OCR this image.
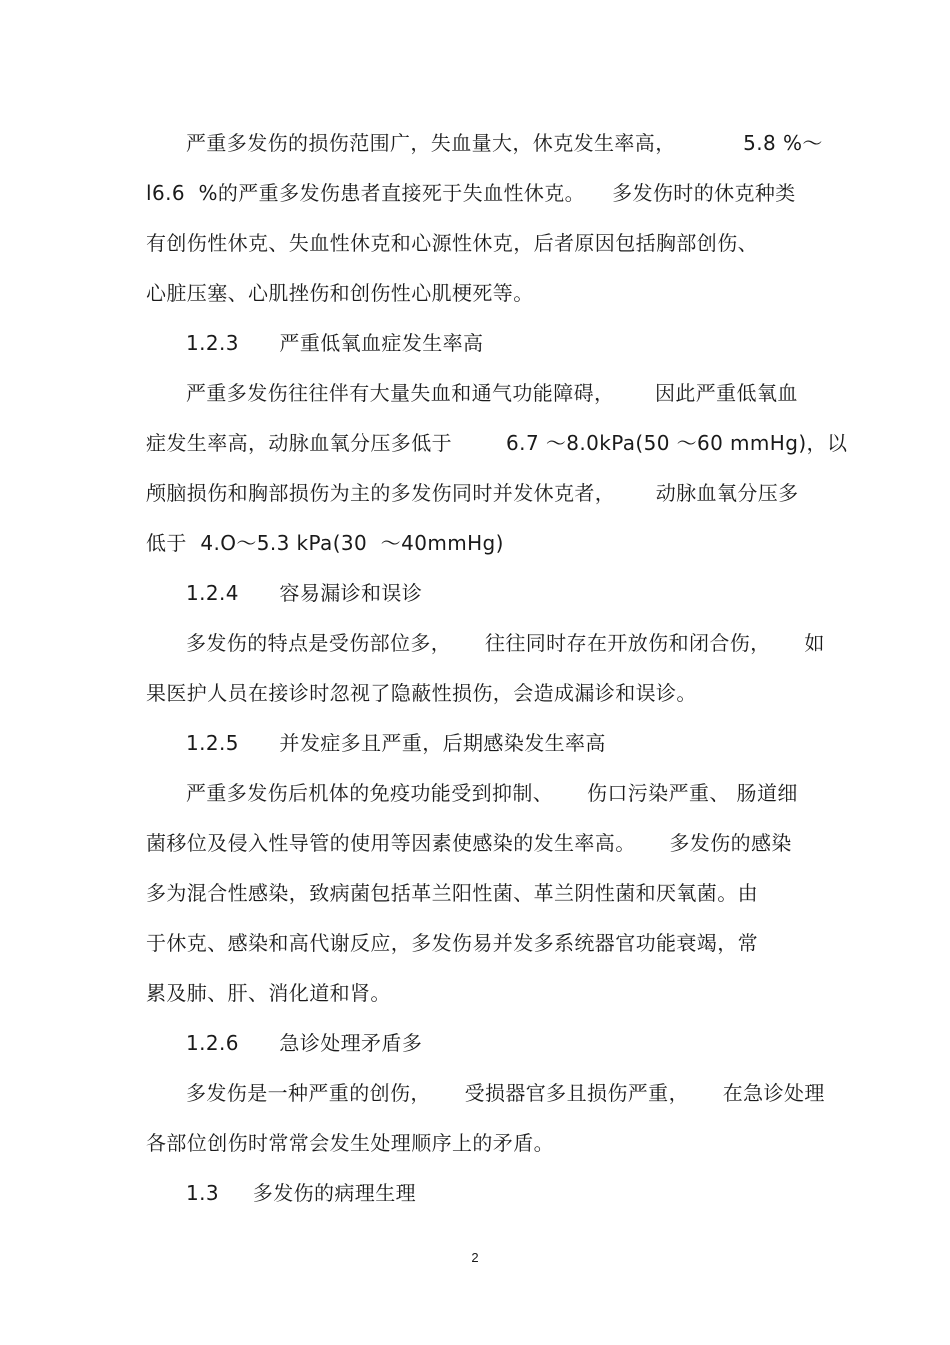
严重多发伤的损伤范围广，失血量大，休克发生率高，          5.8 %～
l6.6  %的严重多发伤患者直接死于失血性休克。    多发伤时的休克种类
有创伤性休克、失血性休克和心源性休克，后者原因包括胸部创伤、
心脏压塞、心肌挫伤和创伤性心肌梗死等。
1.2.3      严重低氧血症发生率高
严重多发伤往往伴有大量失血和通气功能障碍，      因此严重低氧血
症发生率高，动脉血氧分压多低于        6.7 ～8.0kPa(50 ～60 mmHg)，以
颅脑损伤和胸部损伤为主的多发伤同时并发休克者，      动脉血氧分压多
低于  4.O～5.3 kPa(30  ～40mmHg)
1.2.4      容易漏诊和误诊
多发伤的特点是受伤部位多，     往往同时存在开放伤和闭合伤，     如
果医护人员在接诊时忽视了隐蔽性损伤，会造成漏诊和误诊。
1.2.5      并发症多且严重，后期感染发生率高
严重多发伤后机体的免疫功能受到抑制、     伤口污染严重、 肠道细
菌移位及侵入性导管的使用等因素使感染的发生率高。     多发伤的感染
多为混合性感染，致病菌包括革兰阳性菌、革兰阴性菌和厌氧菌。由
于休克、感染和高代谢反应，多发伤易并发多系统器官功能衰竭，常
累及肺、肝、消化道和肾。
1.2.6      急诊处理矛盾多
多发伤是一种严重的创伤，     受损器官多且损伤严重，     在急诊处理
各部位创伤时常常会发生处理顺序上的矛盾。
1.3     多发伤的病理生理
2
